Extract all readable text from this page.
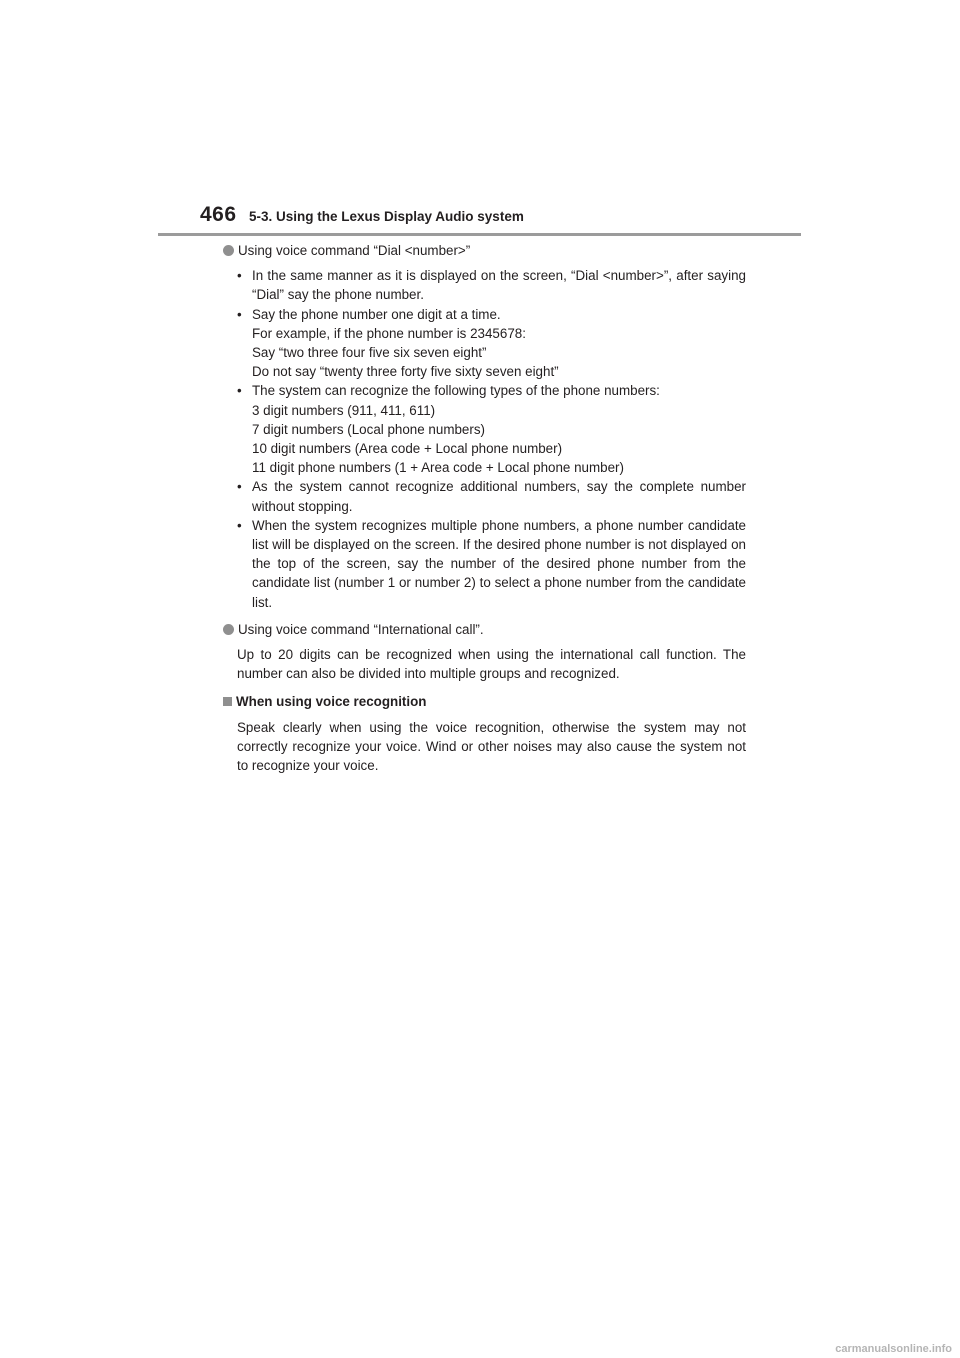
466 5-3. Using the Lexus Display Audio system
Using voice command “Dial <number>”
• In the same manner as it is displayed on the screen, “Dial <number>”, after saying “Dial” say the phone number.
• Say the phone number one digit at a time.
For example, if the phone number is 2345678:
Say “two three four five six seven eight”
Do not say “twenty three forty five sixty seven eight”
• The system can recognize the following types of the phone numbers:
3 digit numbers (911, 411, 611)
7 digit numbers (Local phone numbers)
10 digit numbers (Area code + Local phone number)
11 digit phone numbers (1 + Area code + Local phone number)
• As the system cannot recognize additional numbers, say the complete number without stopping.
• When the system recognizes multiple phone numbers, a phone number candidate list will be displayed on the screen. If the desired phone number is not displayed on the top of the screen, say the number of the desired phone number from the candidate list (number 1 or number 2) to select a phone number from the candidate list.
Using voice command “International call”.
Up to 20 digits can be recognized when using the international call function. The number can also be divided into multiple groups and recognized.
When using voice recognition
Speak clearly when using the voice recognition, otherwise the system may not correctly recognize your voice. Wind or other noises may also cause the system not to recognize your voice.
carmanualsonline.info
